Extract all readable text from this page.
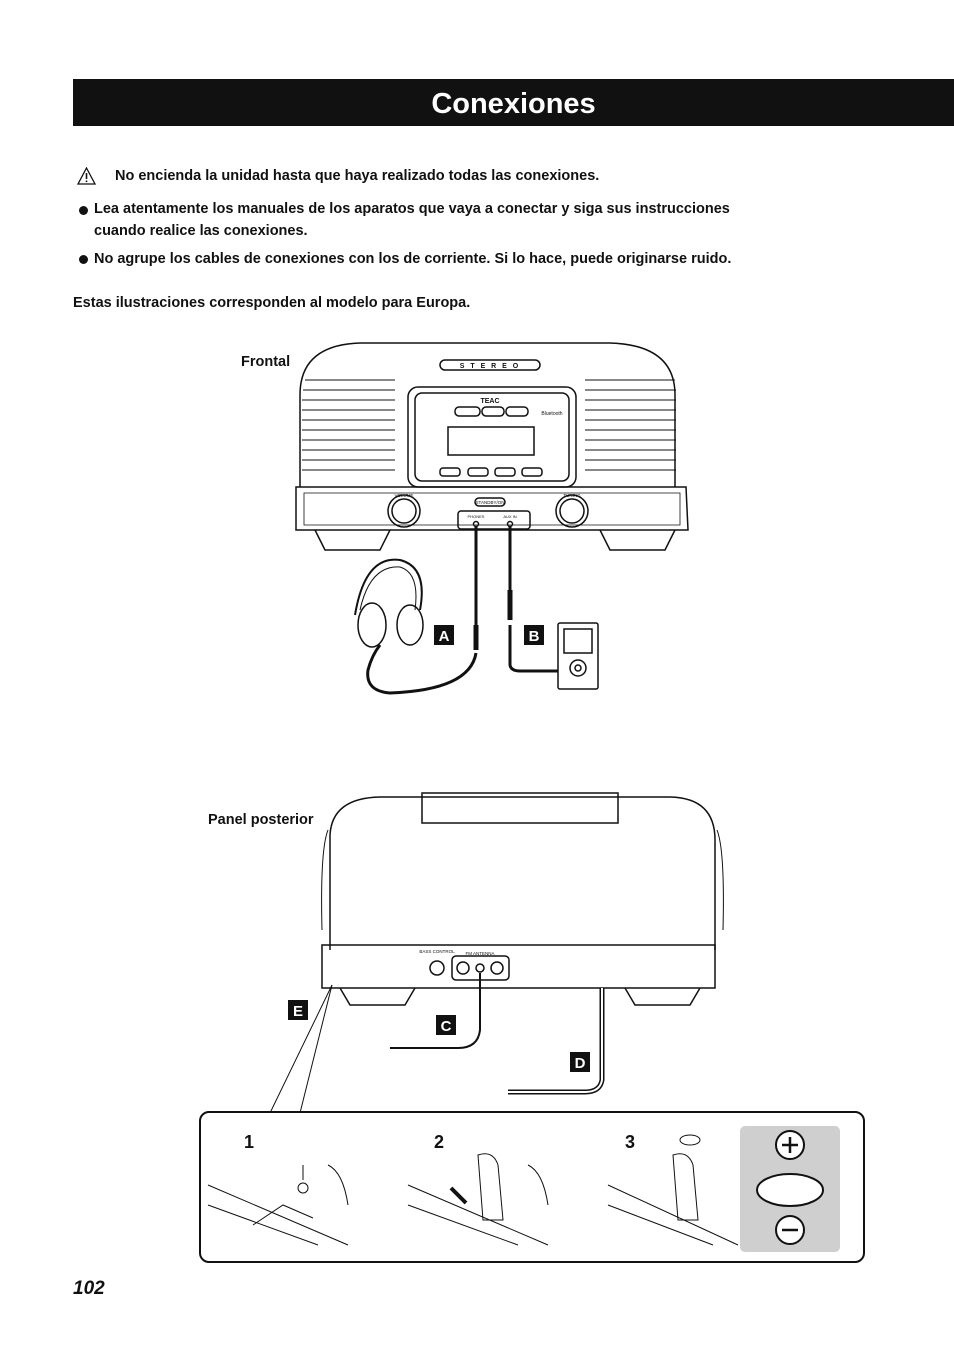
Conexiones
No encienda la unidad hasta que haya realizado todas las conexiones.
Lea atentamente los manuales de los aparatos que vaya a conectar y siga sus instrucciones
cuando realice las conexiones.
No agrupe los cables de conexiones con los de corriente. Si lo hace, puede originarse ruido.
Estas ilustraciones corresponden al modelo para Europa.
Frontal
Panel posterior
S T E R E O
TEAC
Bluetooth
VOLUME	TUNING
STANDBY/ON
PHONES	AUX IN
A	B
BASS CONTROL FM ANTENNA
C
D
E
1	2	3
102
